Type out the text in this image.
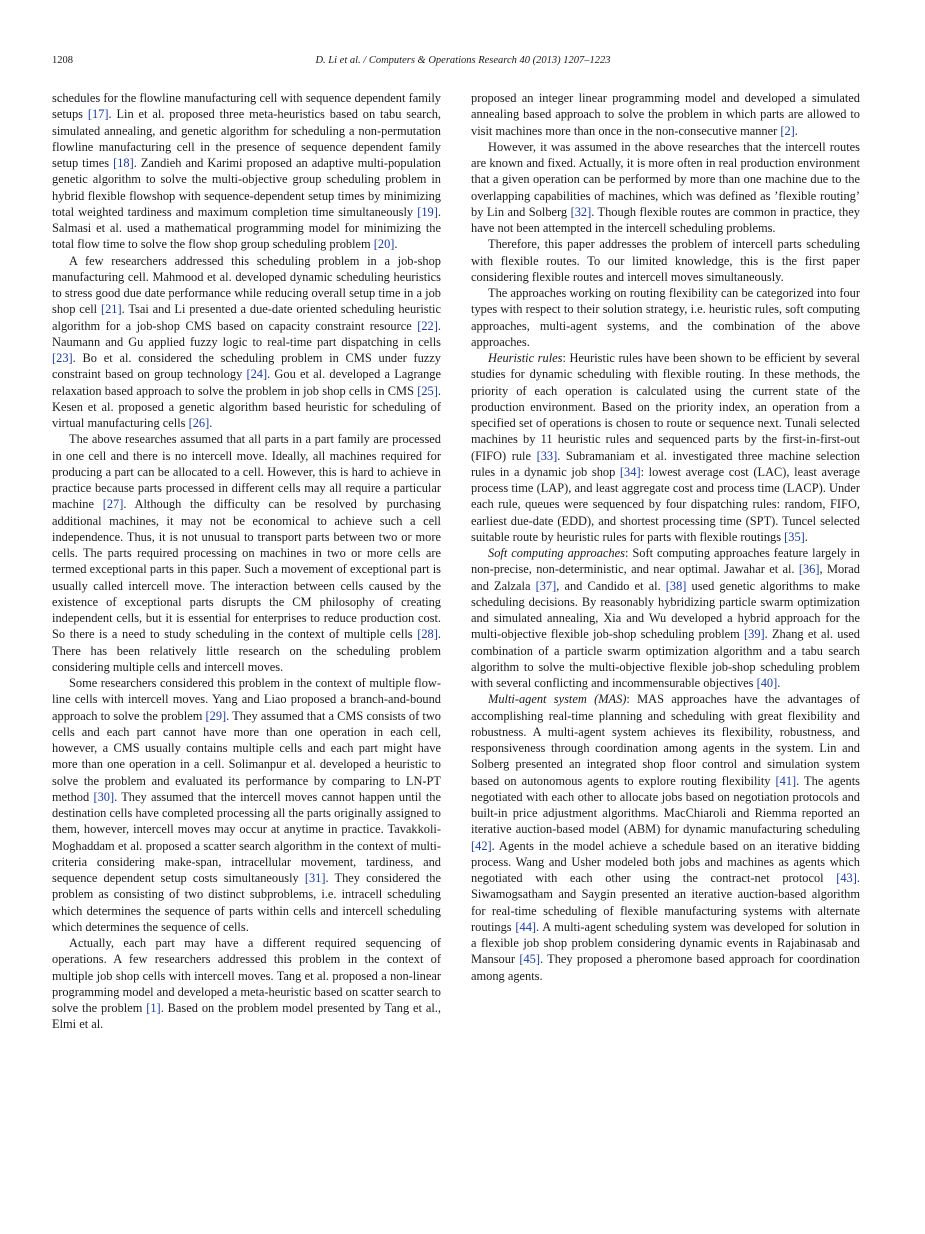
1208	D. Li et al. / Computers & Operations Research 40 (2013) 1207–1223

schedules for the flowline manufacturing cell with sequence dependent family setups [17]. Lin et al. proposed three meta-heuristics based on tabu search, simulated annealing, and genetic algorithm for scheduling a non-permutation flowline manufacturing cell in the presence of sequence dependent family setup times [18]. Zandieh and Karimi proposed an adaptive multi-population genetic algorithm to solve the multi-objective group scheduling problem in hybrid flexible flowshop with sequence-dependent setup times by minimizing total weighted tardiness and maximum completion time simultaneously [19]. Salmasi et al. used a mathematical programming model for minimizing the total flow time to solve the flow shop group scheduling problem [20].

A few researchers addressed this scheduling problem in a job-shop manufacturing cell. Mahmood et al. developed dynamic scheduling heuristics to stress good due date performance while reducing overall setup time in a job shop cell [21]. Tsai and Li presented a due-date oriented scheduling heuristic algorithm for a job-shop CMS based on capacity constraint resource [22]. Naumann and Gu applied fuzzy logic to real-time part dispatching in cells [23]. Bo et al. considered the scheduling problem in CMS under fuzzy constraint based on group technology [24]. Gou et al. developed a Lagrange relaxation based approach to solve the problem in job shop cells in CMS [25]. Kesen et al. proposed a genetic algorithm based heuristic for scheduling of virtual manufacturing cells [26].

The above researches assumed that all parts in a part family are processed in one cell and there is no intercell move. Ideally, all machines required for producing a part can be allocated to a cell. However, this is hard to achieve in practice because parts processed in different cells may all require a particular machine [27]. Although the difficulty can be resolved by purchasing additional machines, it may not be economical to achieve such a cell independence. Thus, it is not unusual to transport parts between two or more cells. The parts required processing on machines in two or more cells are termed exceptional parts in this paper. Such a movement of exceptional part is usually called intercell move. The interaction between cells caused by the existence of exceptional parts disrupts the CM philosophy of creating independent cells, but it is essential for enterprises to reduce production cost. So there is a need to study scheduling in the context of multiple cells [28]. There has been relatively little research on the scheduling problem considering multiple cells and intercell moves.

Some researchers considered this problem in the context of multiple flow-line cells with intercell moves. Yang and Liao proposed a branch-and-bound approach to solve the problem [29]. They assumed that a CMS consists of two cells and each part cannot have more than one operation in each cell, however, a CMS usually contains multiple cells and each part might have more than one operation in a cell. Solimanpur et al. developed a heuristic to solve the problem and evaluated its performance by comparing to LN-PT method [30]. They assumed that the intercell moves cannot happen until the destination cells have completed processing all the parts originally assigned to them, however, intercell moves may occur at anytime in practice. Tavakkoli-Moghaddam et al. proposed a scatter search algorithm in the context of multi-criteria considering make-span, intracellular movement, tardiness, and sequence dependent setup costs simultaneously [31]. They considered the problem as consisting of two distinct subproblems, i.e. intracell scheduling which determines the sequence of parts within cells and intercell scheduling which determines the sequence of cells.

Actually, each part may have a different required sequencing of operations. A few researchers addressed this problem in the context of multiple job shop cells with intercell moves. Tang et al. proposed a non-linear programming model and developed a meta-heuristic based on scatter search to solve the problem [1]. Based on the problem model presented by Tang et al., Elmi et al.

proposed an integer linear programming model and developed a simulated annealing based approach to solve the problem in which parts are allowed to visit machines more than once in the non-consecutive manner [2].

However, it was assumed in the above researches that the intercell routes are known and fixed. Actually, it is more often in real production environment that a given operation can be performed by more than one machine due to the overlapping capabilities of machines, which was defined as ’flexible routing’ by Lin and Solberg [32]. Though flexible routes are common in practice, they have not been attempted in the intercell scheduling problems.

Therefore, this paper addresses the problem of intercell parts scheduling with flexible routes. To our limited knowledge, this is the first paper considering flexible routes and intercell moves simultaneously.

The approaches working on routing flexibility can be categorized into four types with respect to their solution strategy, i.e. heuristic rules, soft computing approaches, multi-agent systems, and the combination of the above approaches.

Heuristic rules: Heuristic rules have been shown to be efficient by several studies for dynamic scheduling with flexible routing. In these methods, the priority of each operation is calculated using the current state of the production environment. Based on the priority index, an operation from a specified set of operations is chosen to route or sequence next. Tunali selected machines by 11 heuristic rules and sequenced parts by the first-in-first-out (FIFO) rule [33]. Subramaniam et al. investigated three machine selection rules in a dynamic job shop [34]: lowest average cost (LAC), least average process time (LAP), and least aggregate cost and process time (LACP). Under each rule, queues were sequenced by four dispatching rules: random, FIFO, earliest due-date (EDD), and shortest processing time (SPT). Tuncel selected suitable route by heuristic rules for parts with flexible routings [35].

Soft computing approaches: Soft computing approaches feature largely in non-precise, non-deterministic, and near optimal. Jawahar et al. [36], Morad and Zalzala [37], and Candido et al. [38] used genetic algorithms to make scheduling decisions. By reasonably hybridizing particle swarm optimization and simulated annealing, Xia and Wu developed a hybrid approach for the multi-objective flexible job-shop scheduling problem [39]. Zhang et al. used combination of a particle swarm optimization algorithm and a tabu search algorithm to solve the multi-objective flexible job-shop scheduling problem with several conflicting and incommensurable objectives [40].

Multi-agent system (MAS): MAS approaches have the advantages of accomplishing real-time planning and scheduling with great flexibility and robustness. A multi-agent system achieves its flexibility, robustness, and responsiveness through coordination among agents in the system. Lin and Solberg presented an integrated shop floor control and simulation system based on autonomous agents to explore routing flexibility [41]. The agents negotiated with each other to allocate jobs based on negotiation protocols and built-in price adjustment algorithms. MacChiaroli and Riemma reported an iterative auction-based model (ABM) for dynamic manufacturing scheduling [42]. Agents in the model achieve a schedule based on an iterative bidding process. Wang and Usher modeled both jobs and machines as agents which negotiated with each other using the contract-net protocol [43]. Siwamogsatham and Saygin presented an iterative auction-based algorithm for real-time scheduling of flexible manufacturing systems with alternate routings [44]. A multi-agent scheduling system was developed for solution in a flexible job shop problem considering dynamic events in Rajabinasab and Mansour [45]. They proposed a pheromone based approach for coordination among agents.
